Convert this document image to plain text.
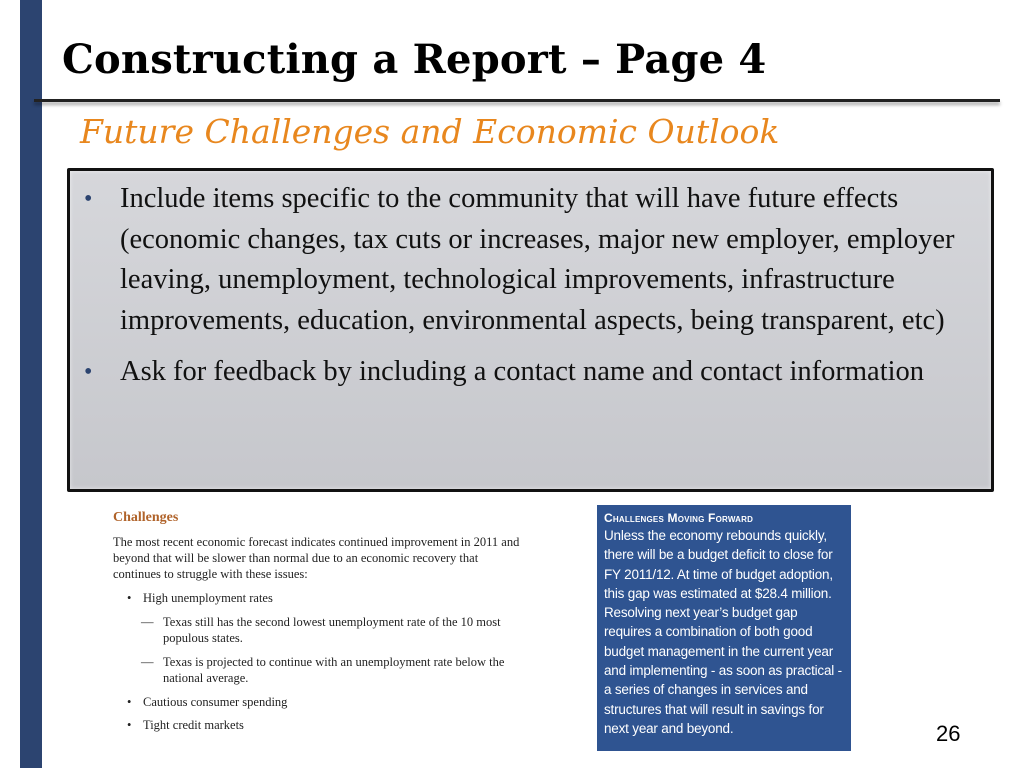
Constructing a Report – Page 4
Future Challenges and Economic Outlook
• Include items specific to the community that will have future effects (economic changes, tax cuts or increases, major new employer, employer leaving, unemployment, technological improvements, infrastructure improvements, education, environmental aspects, being transparent, etc)
• Ask for feedback by including a contact name and contact information
Challenges

The most recent economic forecast indicates continued improvement in 2011 and beyond that will be slower than normal due to an economic recovery that continues to struggle with these issues:

• High unemployment rates
— Texas still has the second lowest unemployment rate of the 10 most populous states.
— Texas is projected to continue with an unemployment rate below the national average.
• Cautious consumer spending
• Tight credit markets
Challenges Moving Forward
Unless the economy rebounds quickly, there will be a budget deficit to close for FY 2011/12. At time of budget adoption, this gap was estimated at $28.4 million. Resolving next year’s budget gap requires a combination of both good budget management in the current year and implementing - as soon as practical - a series of changes in services and structures that will result in savings for next year and beyond.	26
